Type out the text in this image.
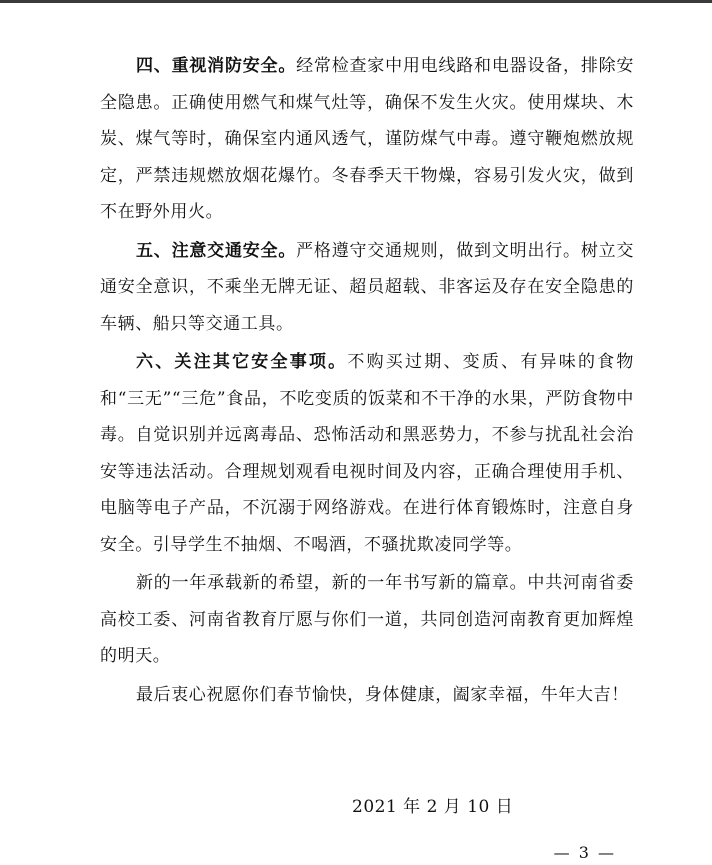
四、重视消防安全。经常检查家中用电线路和电器设备，排除安全隐患。正确使用燃气和煤气灶等，确保不发生火灾。使用煤块、木炭、煤气等时，确保室内通风透气，谨防煤气中毒。遵守鞭炮燃放规定，严禁违规燃放烟花爆竹。冬春季天干物燥，容易引发火灾，做到不在野外用火。

五、注意交通安全。严格遵守交通规则，做到文明出行。树立交通安全意识，不乘坐无牌无证、超员超载、非客运及存在安全隐患的车辆、船只等交通工具。

六、关注其它安全事项。不购买过期、变质、有异味的食物和“三无”“三危”食品，不吃变质的饭菜和不干净的水果，严防食物中毒。自觉识别并远离毒品、恐怖活动和黑恶势力，不参与扰乱社会治安等违法活动。合理规划观看电视时间及内容，正确合理使用手机、电脑等电子产品，不沉溺于网络游戏。在进行体育锻炼时，注意自身安全。引导学生不抽烟、不喝酒，不骚扰欺凌同学等。

新的一年承载新的希望，新的一年书写新的篇章。中共河南省委高校工委、河南省教育厅愿与你们一道，共同创造河南教育更加辉煌的明天。

最后衷心祝愿你们春节愉快，身体健康，阖家幸福，牛年大吉！

2021 年 2 月 10 日
— 3 —
